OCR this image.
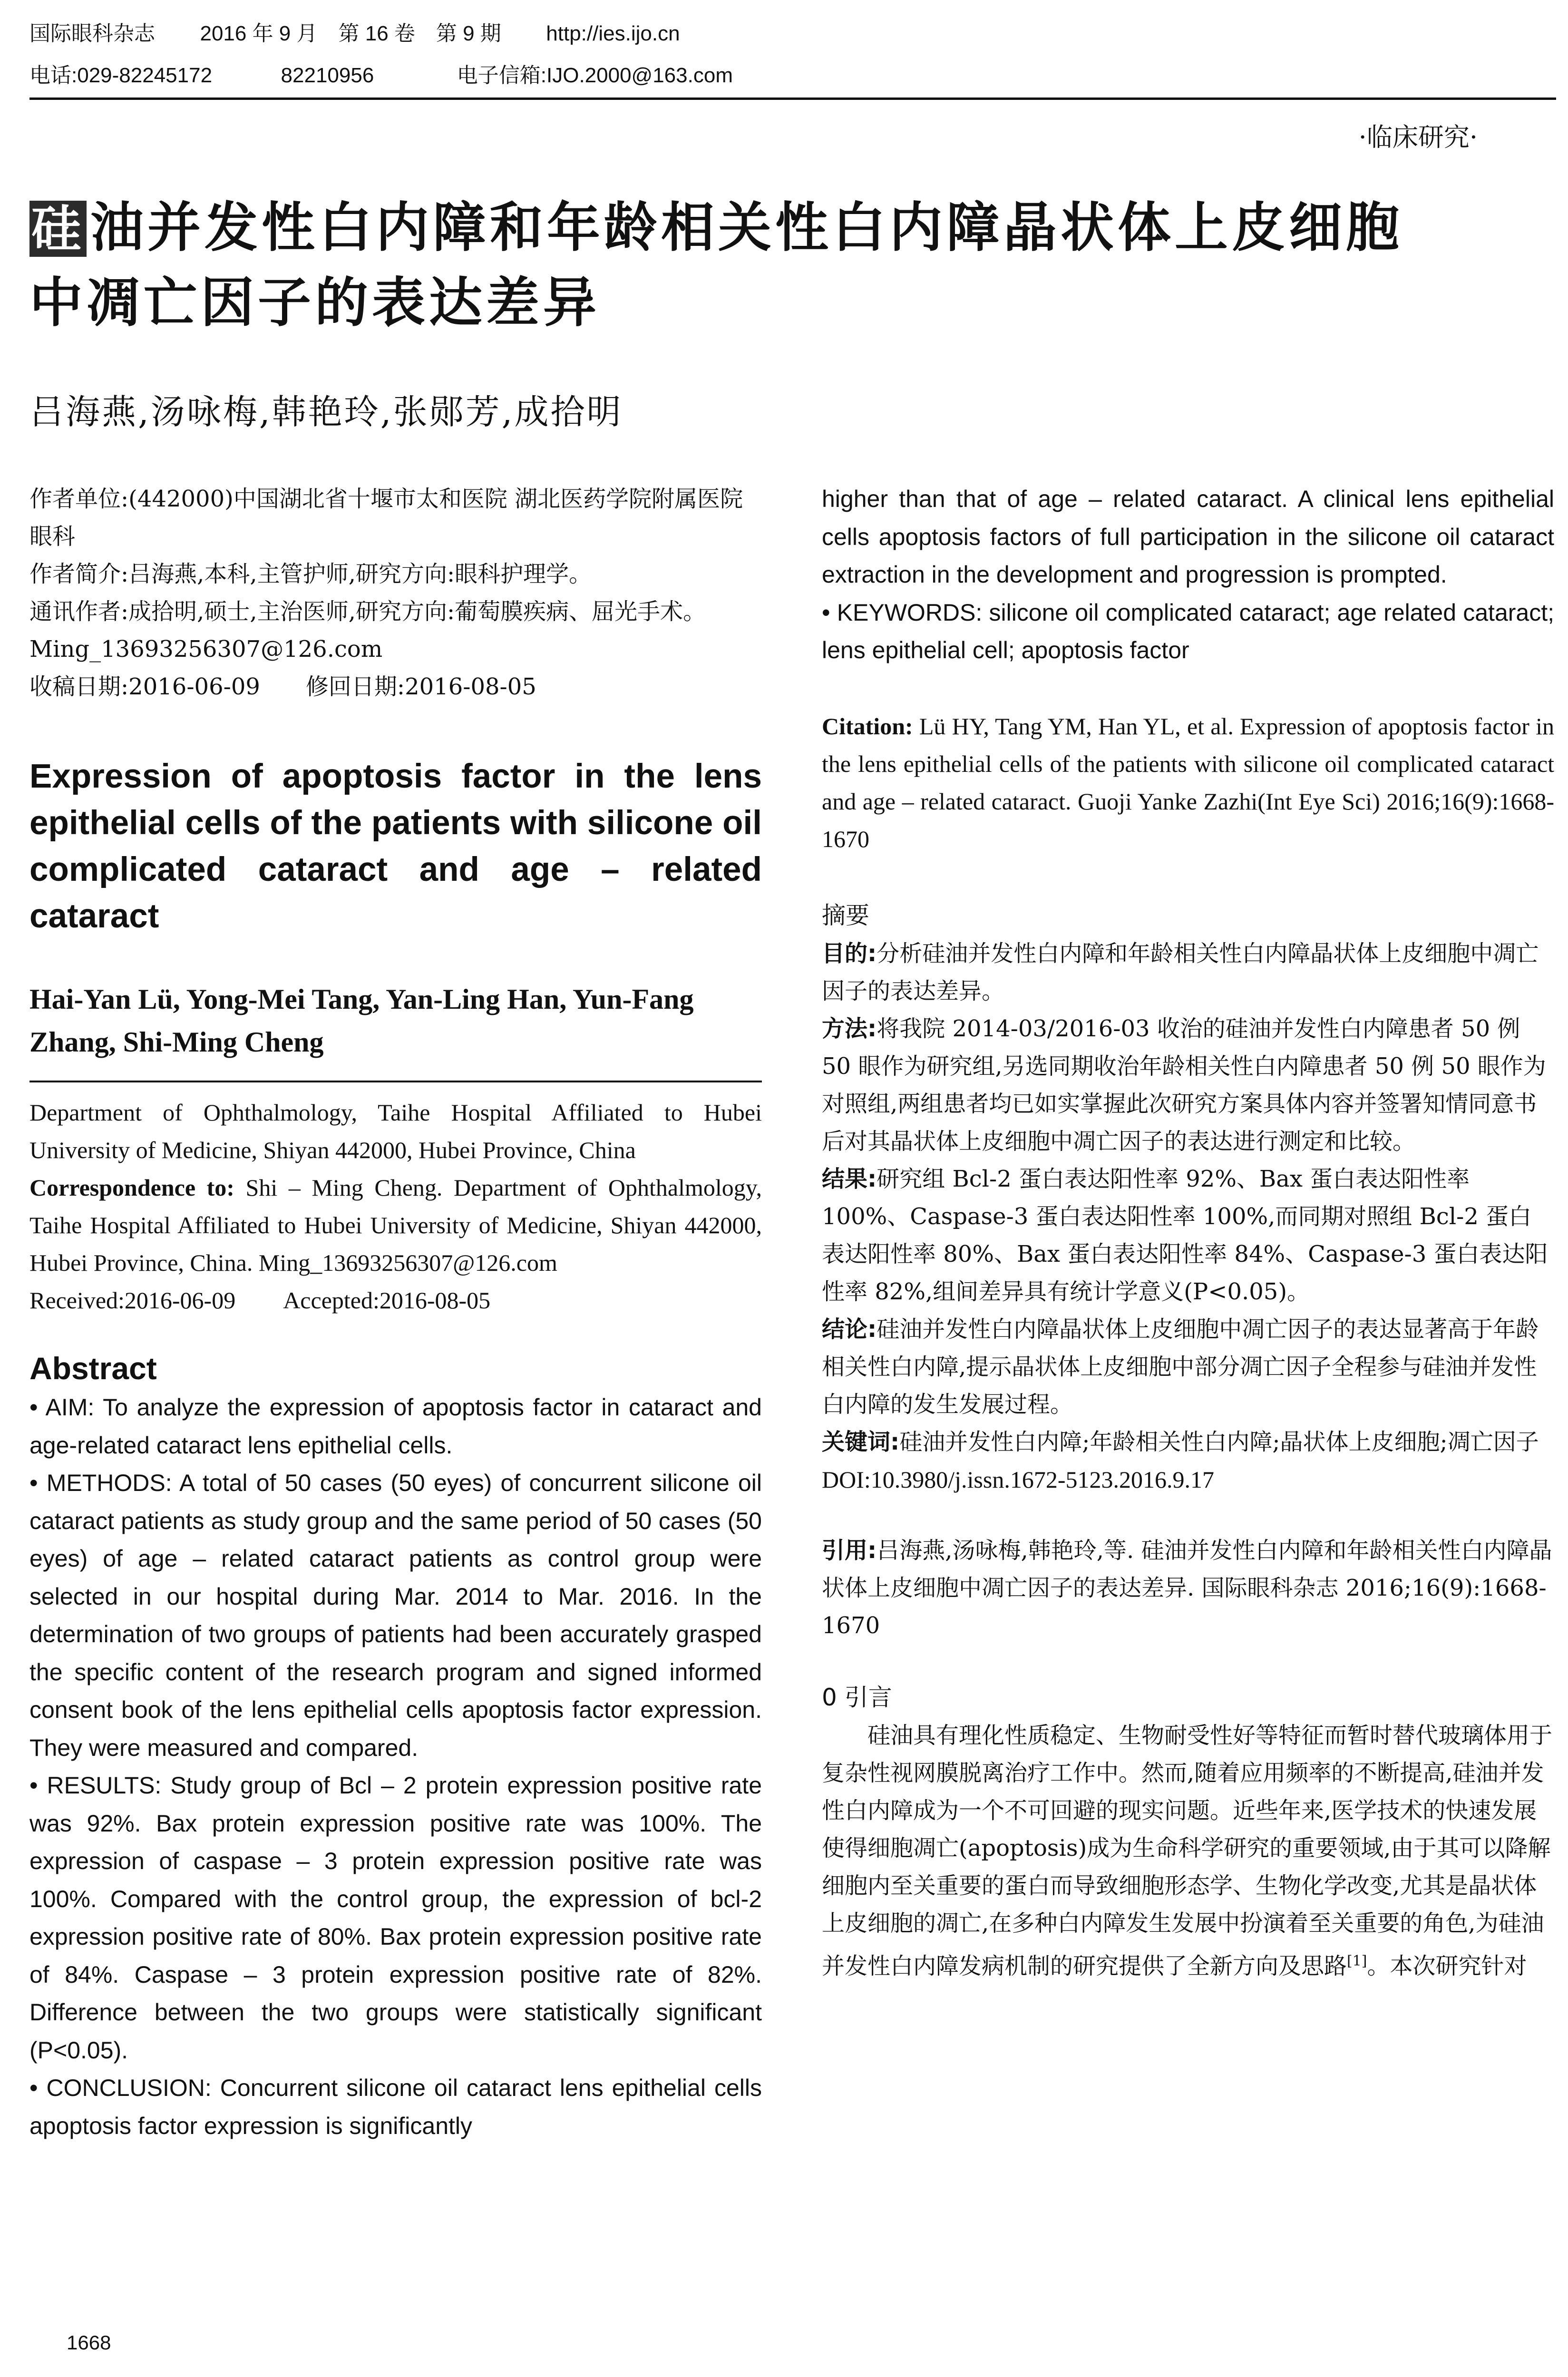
国际眼科杂志 2016 年 9 月　第 16 卷　第 9 期 http://ies.ijo.cn
电话:029-82245172	82210956	电子信箱:IJO.2000@163.com
·临床研究·
硅 油并发性白内障和年龄相关性白内障晶状体上皮细胞
中凋亡因子的表达差异
吕海燕,汤咏梅,韩艳玲,张郧芳,成拾明

作者单位:(442000)中国湖北省十堰市太和医院 湖北医药学院附属医院眼科

作者简介:吕海燕,本科,主管护师,研究方向:眼科护理学。

通讯作者:成拾明,硕士,主治医师,研究方向:葡萄膜疾病、屈光手术。Ming_13693256307@126.com

收稿日期:2016-06-09　　修回日期:2016-08-05

Expression of apoptosis factor in the lens epithelial cells of the patients with silicone oil complicated cataract and age – related cataract

Hai-Yan Lü, Yong-Mei Tang, Yan-Ling Han, Yun-Fang Zhang, Shi-Ming Cheng

Department of Ophthalmology, Taihe Hospital Affiliated to Hubei University of Medicine, Shiyan 442000, Hubei Province, China

Correspondence to: Shi – Ming Cheng. Department of Ophthalmology, Taihe Hospital Affiliated to Hubei University of Medicine, Shiyan 442000, Hubei Province, China. Ming_13693256307@126.com

Received:2016-06-09　　Accepted:2016-08-05

Abstract

• AIM: To analyze the expression of apoptosis factor in cataract and age-related cataract lens epithelial cells.

• METHODS: A total of 50 cases (50 eyes) of concurrent silicone oil cataract patients as study group and the same period of 50 cases (50 eyes) of age – related cataract patients as control group were selected in our hospital during Mar. 2014 to Mar. 2016. In the determination of two groups of patients had been accurately grasped the specific content of the research program and signed informed consent book of the lens epithelial cells apoptosis factor expression. They were measured and compared.

• RESULTS: Study group of Bcl – 2 protein expression positive rate was 92%. Bax protein expression positive rate was 100%. The expression of caspase – 3 protein expression positive rate was 100%. Compared with the control group, the expression of bcl-2 expression positive rate of 80%. Bax protein expression positive rate of 84%. Caspase – 3 protein expression positive rate of 82%. Difference between the two groups were statistically significant (P<0.05).

• CONCLUSION: Concurrent silicone oil cataract lens epithelial cells apoptosis factor expression is significantly

higher than that of age – related cataract. A clinical lens epithelial cells apoptosis factors of full participation in the silicone oil cataract extraction in the development and progression is prompted.

• KEYWORDS: silicone oil complicated cataract; age related cataract; lens epithelial cell; apoptosis factor

Citation: Lü HY, Tang YM, Han YL, et al. Expression of apoptosis factor in the lens epithelial cells of the patients with silicone oil complicated cataract and age – related cataract. Guoji Yanke Zazhi(Int Eye Sci) 2016;16(9):1668-1670

摘要

目的:分析硅油并发性白内障和年龄相关性白内障晶状体上皮细胞中凋亡因子的表达差异。

方法:将我院 2014-03/2016-03 收治的硅油并发性白内障患者 50 例 50 眼作为研究组,另选同期收治年龄相关性白内障患者 50 例 50 眼作为对照组,两组患者均已如实掌握此次研究方案具体内容并签署知情同意书后对其晶状体上皮细胞中凋亡因子的表达进行测定和比较。

结果:研究组 Bcl-2 蛋白表达阳性率 92%、Bax 蛋白表达阳性率 100%、Caspase-3 蛋白表达阳性率 100%,而同期对照组 Bcl-2 蛋白表达阳性率 80%、Bax 蛋白表达阳性率 84%、Caspase-3 蛋白表达阳性率 82%,组间差异具有统计学意义(P<0.05)。

结论:硅油并发性白内障晶状体上皮细胞中凋亡因子的表达显著高于年龄相关性白内障,提示晶状体上皮细胞中部分凋亡因子全程参与硅油并发性白内障的发生发展过程。

关键词:硅油并发性白内障;年龄相关性白内障;晶状体上皮细胞;凋亡因子

DOI:10.3980/j.issn.1672-5123.2016.9.17

引用:吕海燕,汤咏梅,韩艳玲,等. 硅油并发性白内障和年龄相关性白内障晶状体上皮细胞中凋亡因子的表达差异. 国际眼科杂志 2016;16(9):1668-1670

0 引言

硅油具有理化性质稳定、生物耐受性好等特征而暂时替代玻璃体用于复杂性视网膜脱离治疗工作中。然而,随着应用频率的不断提高,硅油并发性白内障成为一个不可回避的现实问题。近些年来,医学技术的快速发展使得细胞凋亡(apoptosis)成为生命科学研究的重要领域,由于其可以降解细胞内至关重要的蛋白而导致细胞形态学、生物化学改变,尤其是晶状体上皮细胞的凋亡,在多种白内障发生发展中扮演着至关重要的角色,为硅油并发性白内障发病机制的研究提供了全新方向及思路[1]。本次研究针对

1668
